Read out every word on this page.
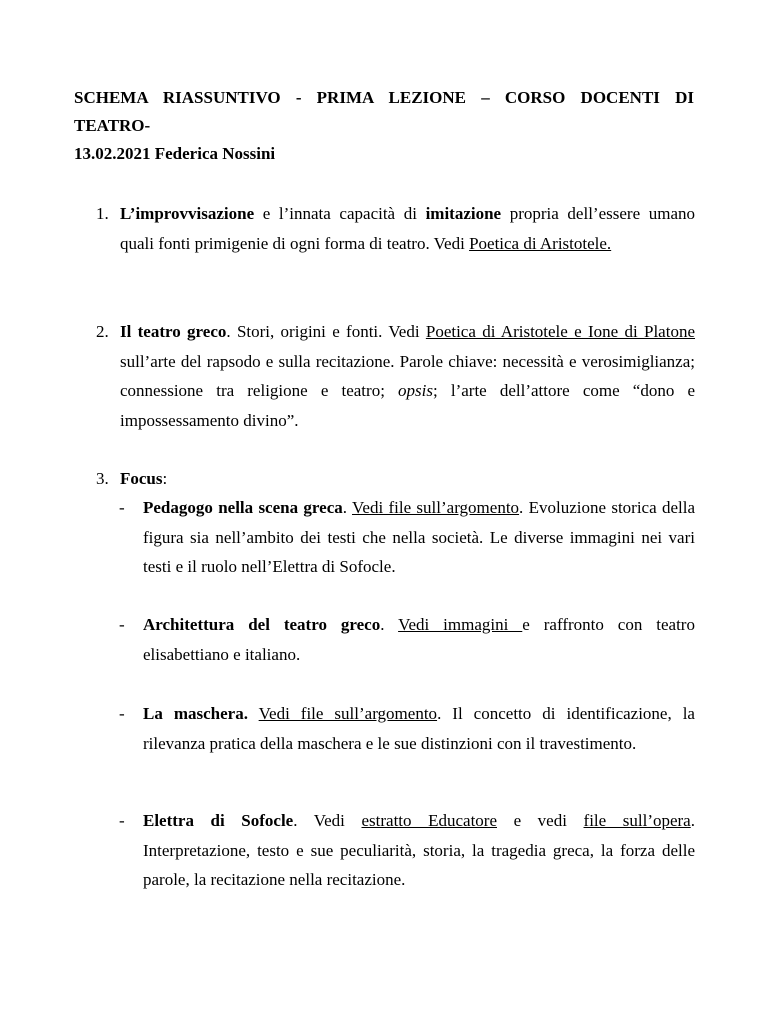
SCHEMA RIASSUNTIVO - PRIMA LEZIONE – CORSO DOCENTI DI
TEATRO-
13.02.2021 Federica Nossini
1. L’improvvisazione e l’innata capacità di imitazione propria dell’essere umano quali fonti primigenie di ogni forma di teatro. Vedi Poetica di Aristotele.
2. Il teatro greco. Stori, origini e fonti. Vedi Poetica di Aristotele e Ione di Platone sull’arte del rapsodo e sulla recitazione. Parole chiave: necessità e verosimiglianza; connessione tra religione e teatro; opsis; l’arte dell’attore come “dono e impossessamento divino”.
3. Focus:
- Pedagogo nella scena greca. Vedi file sull’argomento. Evoluzione storica della figura sia nell’ambito dei testi che nella società. Le diverse immagini nei vari testi e il ruolo nell’Elettra di Sofocle.
- Architettura del teatro greco. Vedi immagini e raffronto con teatro elisabettiano e italiano.
- La maschera. Vedi file sull’argomento. Il concetto di identificazione, la rilevanza pratica della maschera e le sue distinzioni con il travestimento.
- Elettra di Sofocle. Vedi estratto Educatore e vedi file sull’opera. Interpretazione, testo e sue peculiarità, storia, la tragedia greca, la forza delle parole, la recitazione nella recitazione.
